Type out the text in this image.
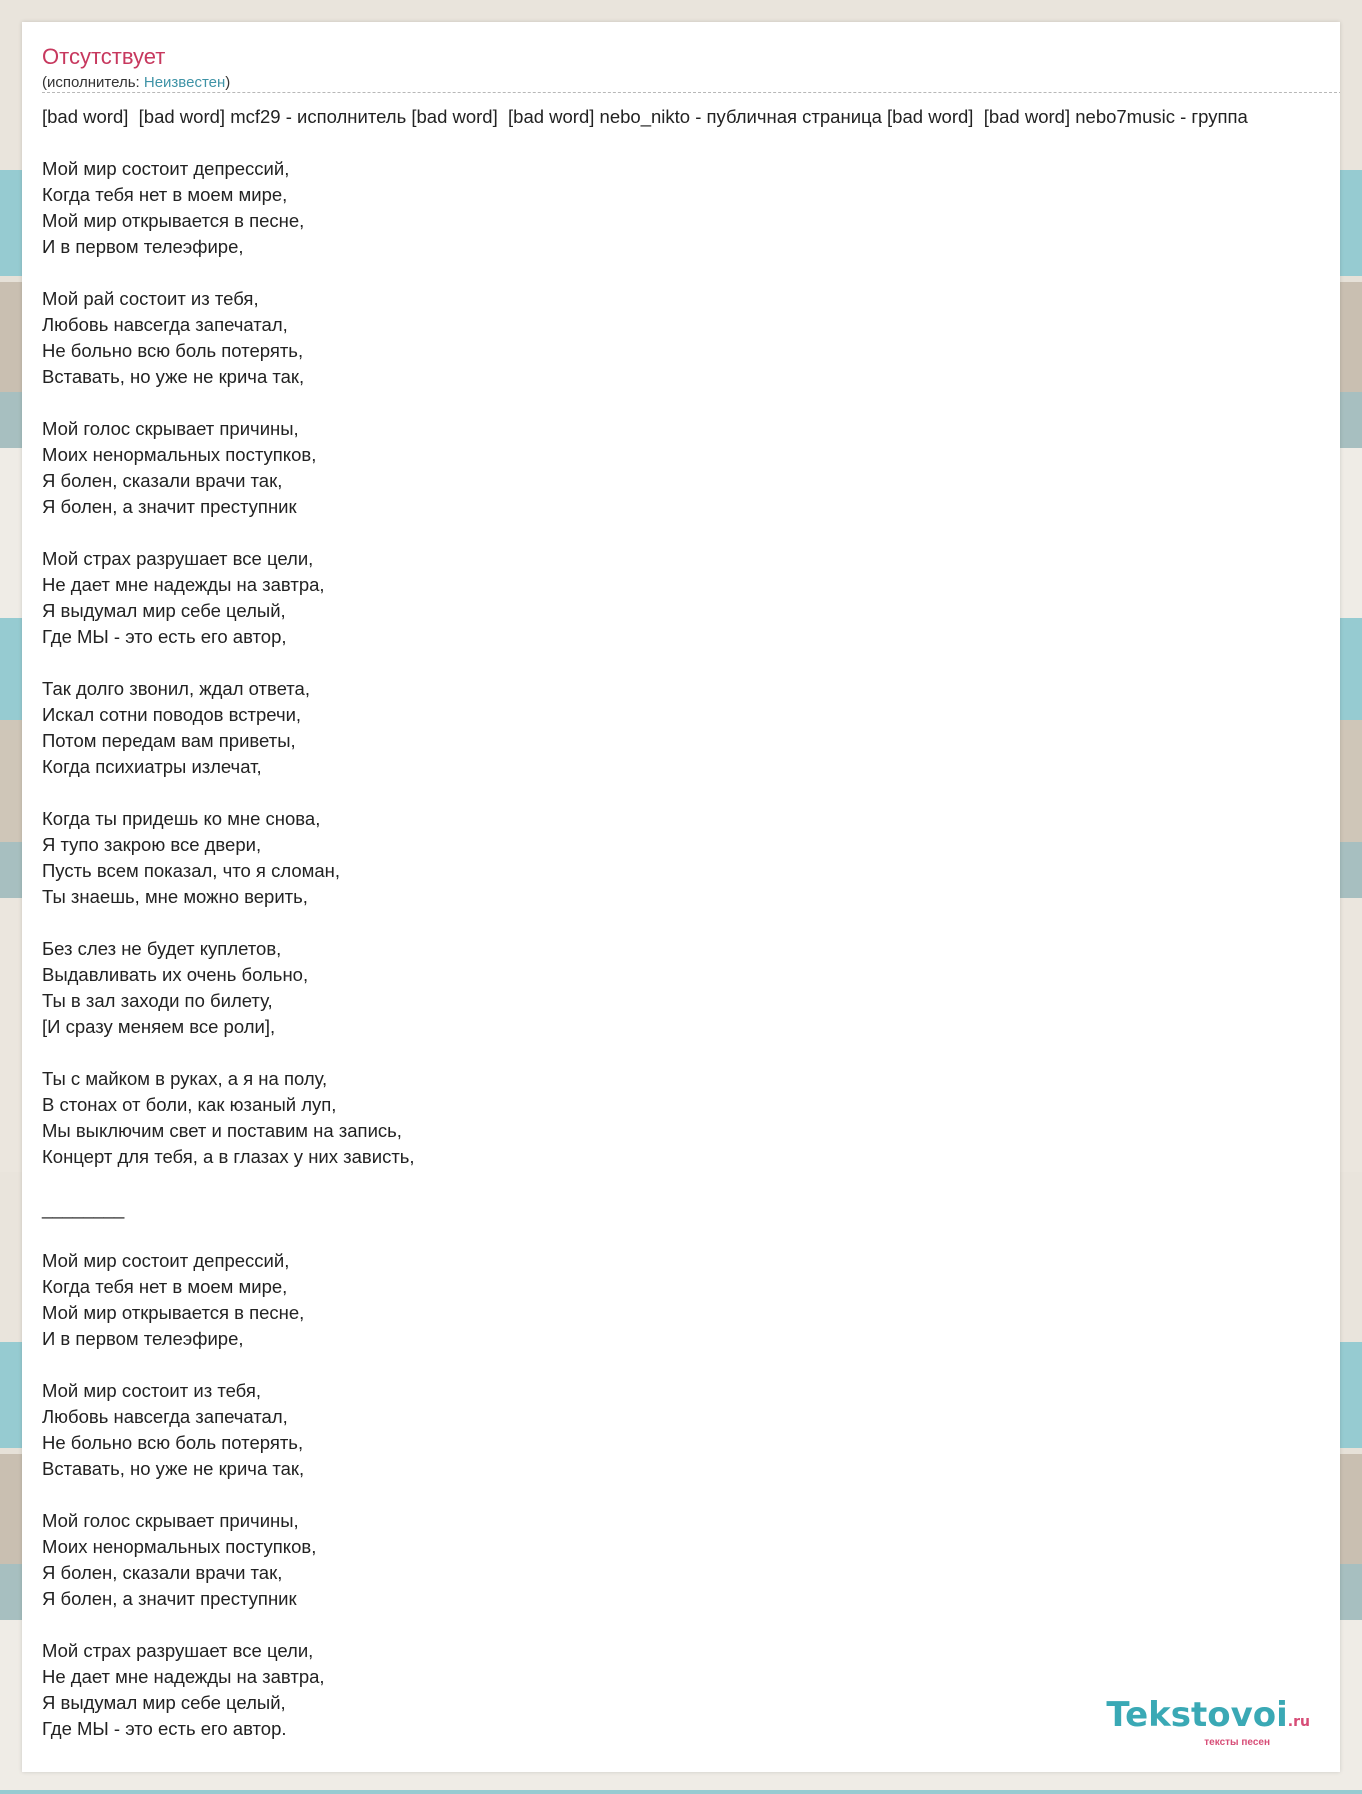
Отсутствует
(исполнитель: Неизвестен)
[bad word]  [bad word] mcf29 - исполнитель [bad word]  [bad word] nebo_nikto - публичная страница [bad word]  [bad word] nebo7music - группа
Мой мир состоит депрессий,
Когда тебя нет в моем мире,
Мой мир открывается в песне,
И в первом телеэфире,

Мой рай состоит из тебя,
Любовь навсегда запечатал,
Не больно всю боль потерять,
Вставать, но уже не крича так,

Мой голос скрывает причины,
Моих ненормальных поступков,
Я болен, сказали врачи так,
Я болен, а значит преступник

Мой страх разрушает все цели,
Не дает мне надежды на завтра,
Я выдумал мир себе целый,
Где МЫ - это есть его автор,

Так долго звонил, ждал ответа,
Искал сотни поводов встречи,
Потом передам вам приветы,
Когда психиатры излечат,

Когда ты придешь ко мне снова,
Я тупо закрою все двери,
Пусть всем показал, что я сломан,
Ты знаешь, мне можно верить,

Без слез не будет куплетов,
Выдавливать их очень больно,
Ты в зал заходи по билету,
[И сразу меняем все роли],

Ты с майком в руках, а я на полу,
В стонах от боли, как юзаный луп,
Мы выключим свет и поставим на запись,
Концерт для тебя, а в глазах у них зависть,

________

Мой мир состоит депрессий,
Когда тебя нет в моем мире,
Мой мир открывается в песне,
И в первом телеэфире,

Мой мир состоит из тебя,
Любовь навсегда запечатал,
Не больно всю боль потерять,
Вставать, но уже не крича так,

Мой голос скрывает причины,
Моих ненормальных поступков,
Я болен, сказали врачи так,
Я болен, а значит преступник

Мой страх разрушает все цели,
Не дает мне надежды на завтра,
Я выдумал мир себе целый,
Где МЫ - это есть его автор.	Tekstovoi.ru
тексты песен
